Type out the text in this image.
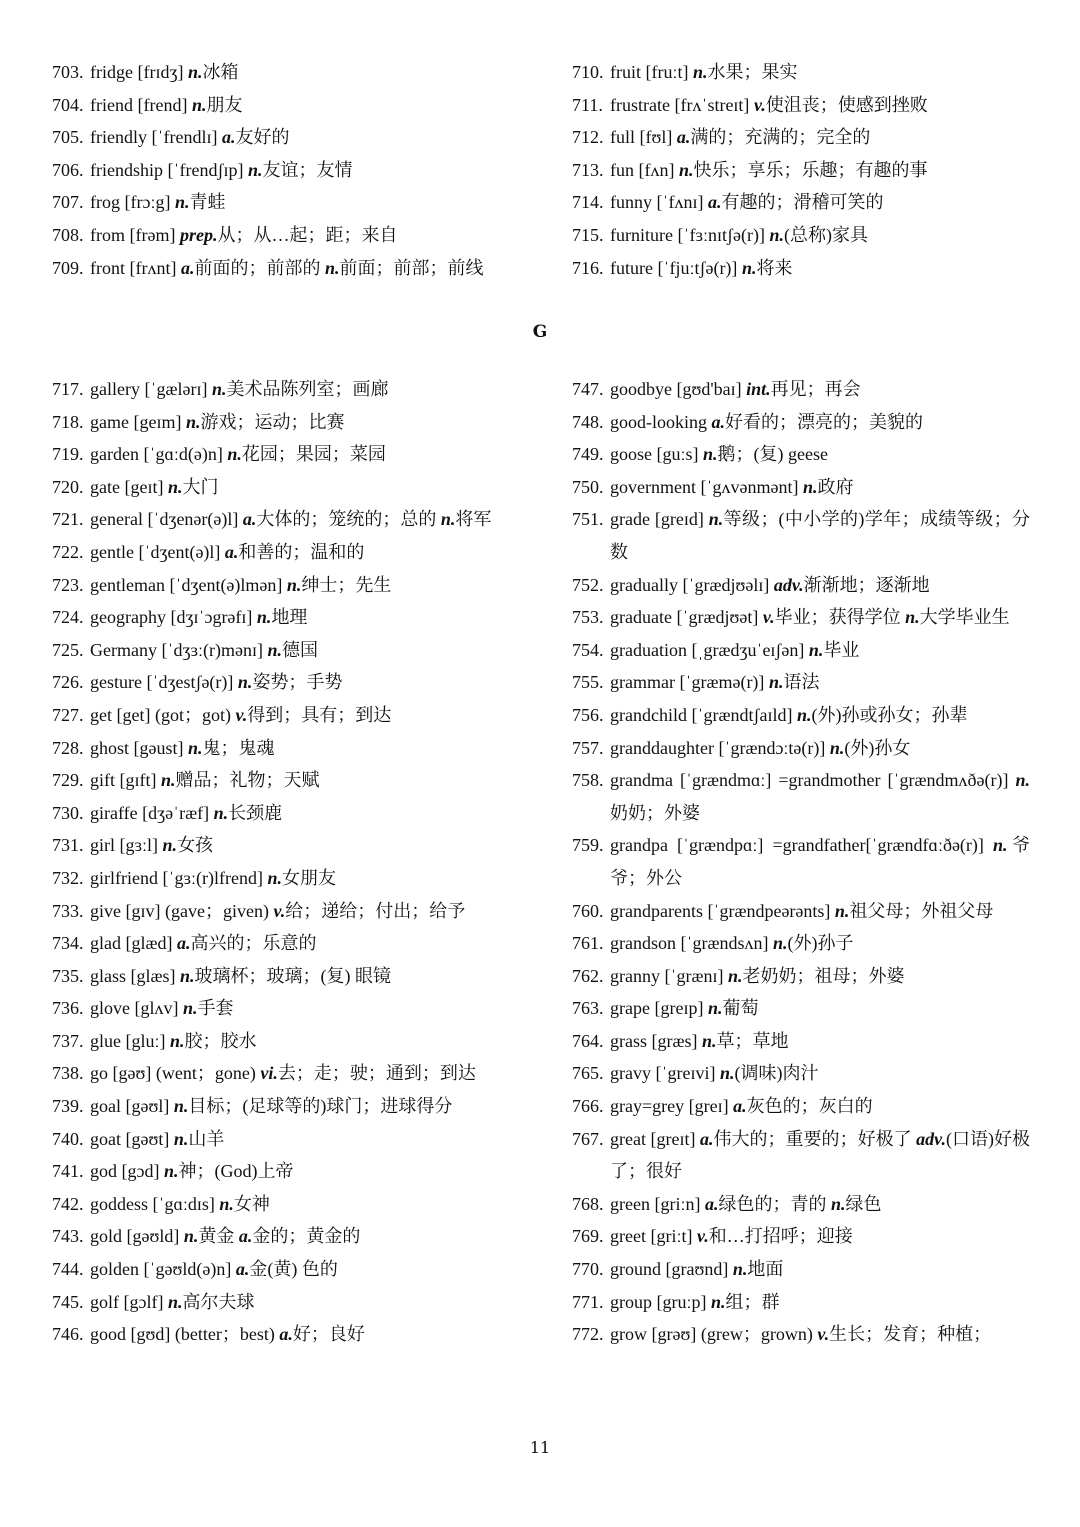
703. fridge [frɪdʒ] n.冰箱
704. friend [frend] n.朋友
705. friendly [ˈfrendlɪ] a.友好的
706. friendship [ˈfrendʃɪp] n.友谊；友情
707. frog [frɔːg] n.青蛙
708. from [frəm] prep.从；从…起；距；来自
709. front [frʌnt] a.前面的；前部的 n.前面；前部；前线
710. fruit [fruːt] n.水果；果实
711. frustrate [frʌˈstreɪt] v.使沮丧；使感到挫败
712. full [fʊl] a.满的；充满的；完全的
713. fun [fʌn] n.快乐；享乐；乐趣；有趣的事
714. funny [ˈfʌnɪ] a.有趣的；滑稽可笑的
715. furniture [ˈfɜːnɪtʃə(r)] n.(总称)家具
716. future [ˈfjuːtʃə(r)] n.将来
G
717. gallery [ˈgælərɪ] n.美术品陈列室；画廊
718. game [geɪm] n.游戏；运动；比赛
719. garden [ˈgɑːd(ə)n] n.花园；果园；菜园
720. gate [geɪt] n.大门
721. general [ˈdʒenər(ə)l] a.大体的；笼统的；总的 n.将军
722. gentle [ˈdʒent(ə)l] a.和善的；温和的
723. gentleman [ˈdʒent(ə)lmən] n.绅士；先生
724. geography [dʒɪˈɔgrəfɪ] n.地理
725. Germany [ˈdʒɜː(r)mənɪ] n.德国
726. gesture [ˈdʒestʃə(r)] n.姿势；手势
727. get [get] (got；got) v.得到；具有；到达
728. ghost [gəust] n.鬼；鬼魂
729. gift [gɪft] n.赠品；礼物；天赋
730. giraffe [dʒəˈræf] n.长颈鹿
731. girl [gɜːl] n.女孩
732. girlfriend [ˈgɜː(r)lfrend] n.女朋友
733. give [gɪv] (gave；given) v.给；递给；付出；给予
734. glad [glæd] a.高兴的；乐意的
735. glass [glæs] n.玻璃杯；玻璃；(复) 眼镜
736. glove [glʌv] n.手套
737. glue [gluː] n.胶；胶水
738. go [gəʊ] (went；gone) vi.去；走；驶；通到；到达
739. goal [gəʊl] n.目标；(足球等的)球门；进球得分
740. goat [gəʊt] n.山羊
741. god [gɔd] n.神；(God)上帝
742. goddess [ˈgɑːdɪs] n.女神
743. gold [gəʊld] n.黄金 a.金的；黄金的
744. golden [ˈgəʊld(ə)n] a.金(黄) 色的
745. golf [gɔlf] n.高尔夫球
746. good [gʊd] (better；best) a.好；良好
747. goodbye [gʊd'baɪ] int.再见；再会
748. good-looking a.好看的；漂亮的；美貌的
749. goose [guːs] n.鹅；(复) geese
750. government [ˈgʌvənmənt] n.政府
751. grade [greɪd] n.等级；(中小学的)学年；成绩等级；分数
752. gradually [ˈgrædjʊəlɪ] adv.渐渐地；逐渐地
753. graduate [ˈgrædjʊət] v.毕业；获得学位 n.大学毕业生
754. graduation [ˌgrædʒuˈeɪʃən] n.毕业
755. grammar [ˈgræmə(r)] n.语法
756. grandchild [ˈgrændtʃaɪld] n.(外)孙或孙女；孙辈
757. granddaughter [ˈgrændɔːtə(r)] n.(外)孙女
758. grandma [ˈgrændmɑː] =grandmother [ˈgrændmʌðə(r)] n.奶奶；外婆
759. grandpa [ˈgrændpɑː] =grandfather[ˈgrændfɑːðə(r)] n.爷爷；外公
760. grandparents [ˈgrændpeərənts] n.祖父母；外祖父母
761. grandson [ˈgrændsʌn] n.(外)孙子
762. granny [ˈgrænɪ] n.老奶奶；祖母；外婆
763. grape [greɪp] n.葡萄
764. grass [græs] n.草；草地
765. gravy [ˈgreɪvi] n.(调味)肉汁
766. gray=grey [greɪ] a.灰色的；灰白的
767. great [greɪt] a.伟大的；重要的；好极了 adv.(口语)好极了；很好
768. green [griːn] a.绿色的；青的 n.绿色
769. greet [griːt] v.和…打招呼；迎接
770. ground [graʊnd] n.地面
771. group [gruːp] n.组；群
772. grow [grəʊ] (grew；grown) v.生长；发育；种植；
11
